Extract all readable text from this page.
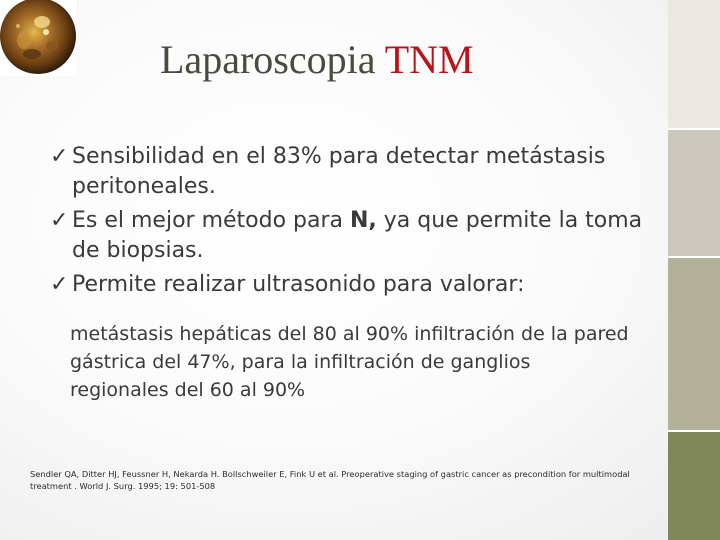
Laparoscopia TNM
✓ Sensibilidad en el 83% para detectar metástasis peritoneales.
✓ Es el mejor método para N, ya que permite la toma de biopsias.
✓ Permite realizar ultrasonido para valorar:
metástasis hepáticas del 80 al 90% infiltración de la pared gástrica del 47%, para la infiltración de ganglios regionales del 60 al 90%
Sendler QA, Ditter HJ, Feussner H, Nekarda H. Bollschweiler E, Fink U et al. Preoperative staging of gastric cancer as precondition for multimodal treatment . World J. Surg. 1995; 19: 501-508
